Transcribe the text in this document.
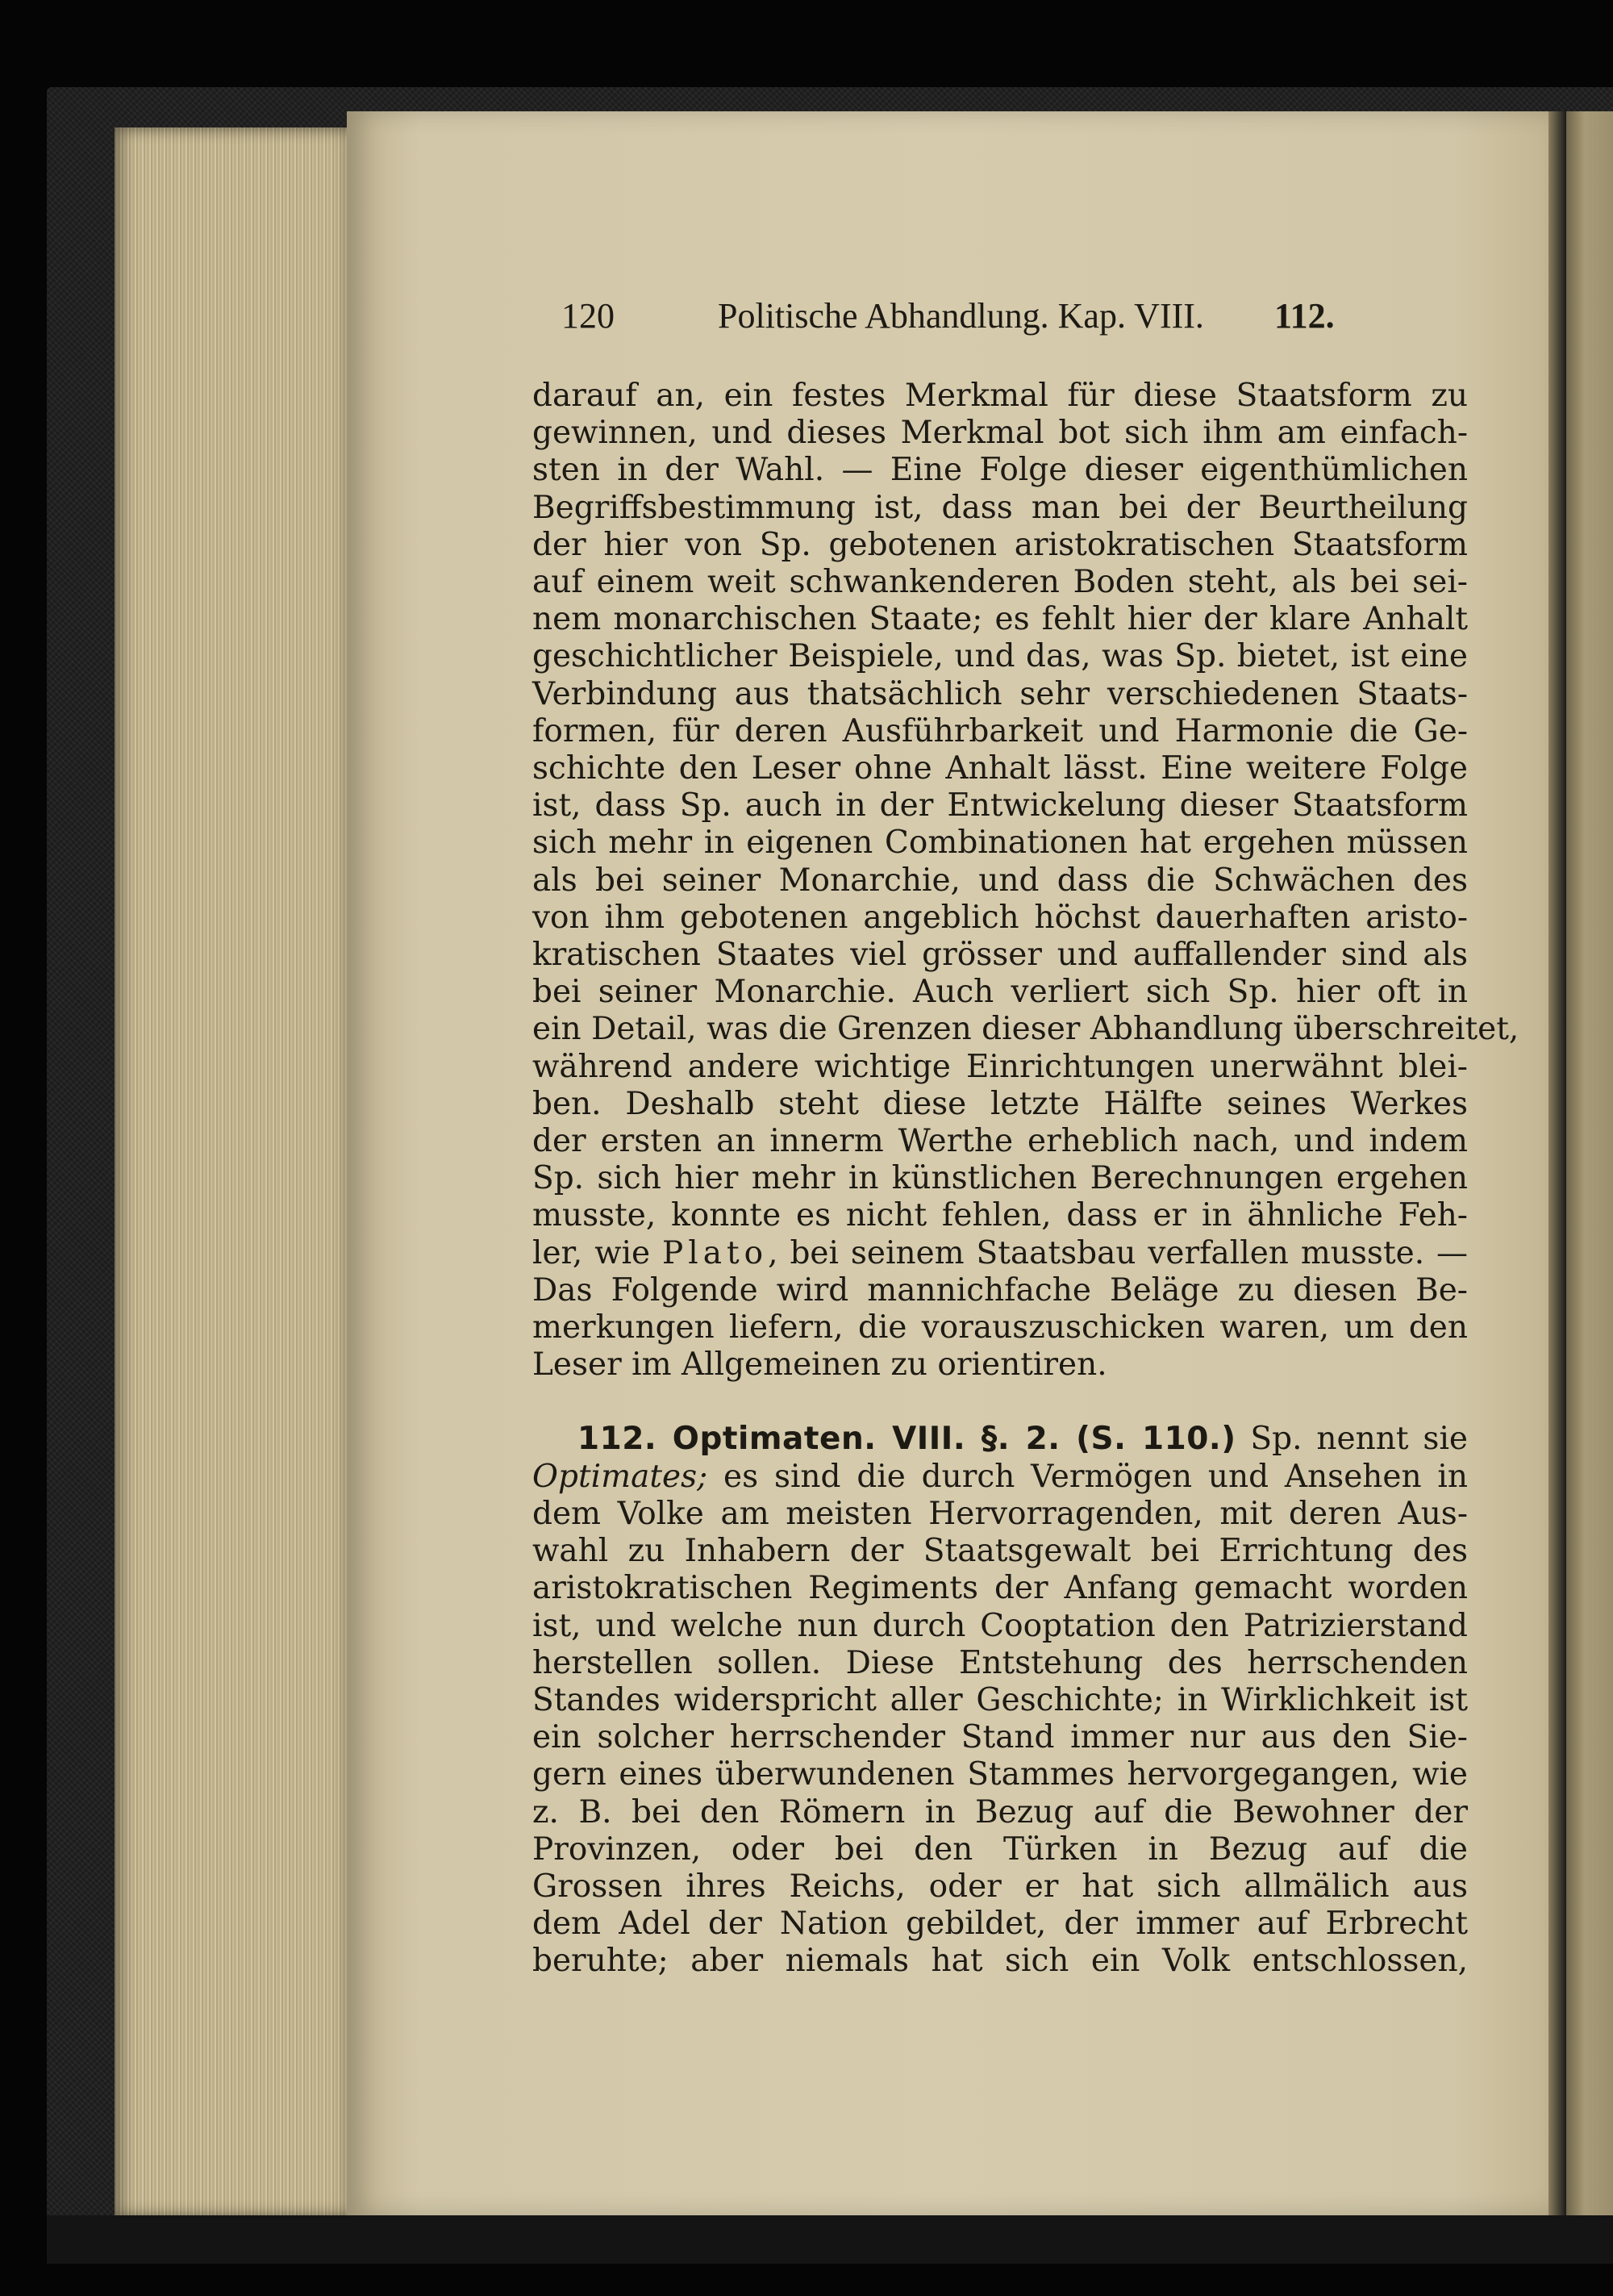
120	Politische Abhandlung. Kap. VIII. 112.
darauf an, ein festes Merkmal für diese Staatsform zu
gewinnen, und dieses Merkmal bot sich ihm am einfach-
sten in der Wahl. — Eine Folge dieser eigenthümlichen
Begriffsbestimmung ist, dass man bei der Beurtheilung
der hier von Sp. gebotenen aristokratischen Staatsform
auf einem weit schwankenderen Boden steht, als bei sei-
nem monarchischen Staate; es fehlt hier der klare Anhalt
geschichtlicher Beispiele, und das, was Sp. bietet, ist eine
Verbindung aus thatsächlich sehr verschiedenen Staats-
formen, für deren Ausführbarkeit und Harmonie die Ge-
schichte den Leser ohne Anhalt lässt. Eine weitere Folge
ist, dass Sp. auch in der Entwickelung dieser Staatsform
sich mehr in eigenen Combinationen hat ergehen müssen
als bei seiner Monarchie, und dass die Schwächen des
von ihm gebotenen angeblich höchst dauerhaften aristo-
kratischen Staates viel grösser und auffallender sind als
bei seiner Monarchie. Auch verliert sich Sp. hier oft in
ein Detail, was die Grenzen dieser Abhandlung überschreitet,
während andere wichtige Einrichtungen unerwähnt blei-
ben. Deshalb steht diese letzte Hälfte seines Werkes
der ersten an innerm Werthe erheblich nach, und indem
Sp. sich hier mehr in künstlichen Berechnungen ergehen
musste, konnte es nicht fehlen, dass er in ähnliche Feh-
ler, wie Plato, bei seinem Staatsbau verfallen musste. —
Das Folgende wird mannichfache Beläge zu diesen Be-
merkungen liefern, die vorauszuschicken waren, um den
Leser im Allgemeinen zu orientiren.
112. Optimaten. VIII. §. 2. (S. 110.) Sp. nennt sie
Optimates; es sind die durch Vermögen und Ansehen in
dem Volke am meisten Hervorragenden, mit deren Aus-
wahl zu Inhabern der Staatsgewalt bei Errichtung des
aristokratischen Regiments der Anfang gemacht worden
ist, und welche nun durch Cooptation den Patrizierstand
herstellen sollen. Diese Entstehung des herrschenden
Standes widerspricht aller Geschichte; in Wirklichkeit ist
ein solcher herrschender Stand immer nur aus den Sie-
gern eines überwundenen Stammes hervorgegangen, wie
z. B. bei den Römern in Bezug auf die Bewohner der
Provinzen, oder bei den Türken in Bezug auf die
Grossen ihres Reichs, oder er hat sich allmälich aus
dem Adel der Nation gebildet, der immer auf Erbrecht
beruhte; aber niemals hat sich ein Volk entschlossen,
